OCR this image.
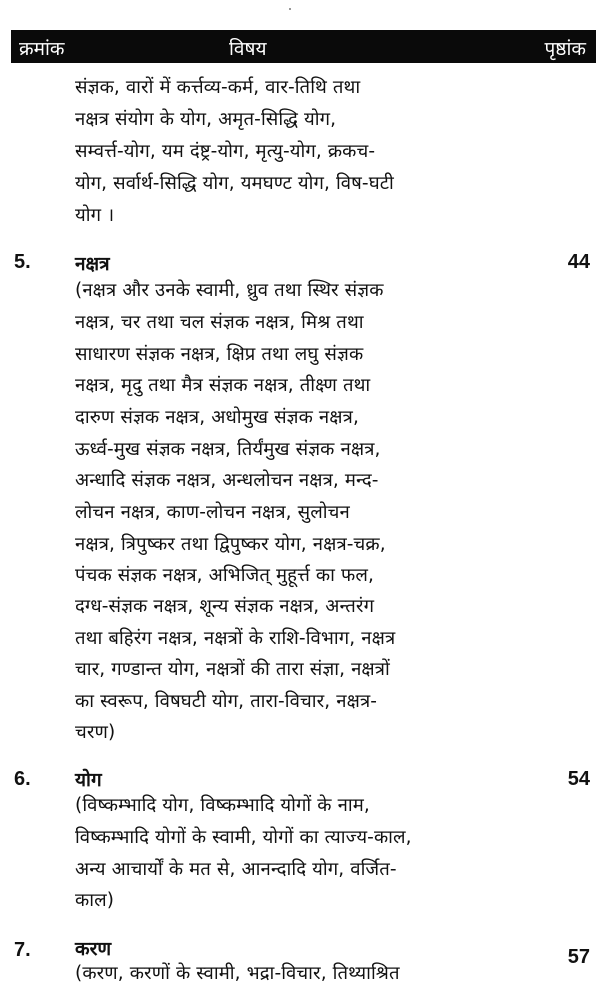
क्रमांक	विषय	पृष्ठांक
संज्ञक, वारों में कर्त्तव्य-कर्म, वार-तिथि तथा
नक्षत्र संयोग के योग, अमृत-सिद्धि योग,
सम्वर्त्त-योग, यम दंष्ट्र-योग, मृत्यु-योग, क्रकच-
योग, सर्वार्थ-सिद्धि योग, यमघण्ट योग, विष-घटी
योग ।
5. नक्षत्र	44
(नक्षत्र और उनके स्वामी, ध्रुव तथा स्थिर संज्ञक
नक्षत्र, चर तथा चल संज्ञक नक्षत्र, मिश्र तथा
साधारण संज्ञक नक्षत्र, क्षिप्र तथा लघु संज्ञक
नक्षत्र, मृदु तथा मैत्र संज्ञक नक्षत्र, तीक्ष्ण तथा
दारुण संज्ञक नक्षत्र, अधोमुख संज्ञक नक्षत्र,
ऊर्ध्व-मुख संज्ञक नक्षत्र, तिर्यंमुख संज्ञक नक्षत्र,
अन्धादि संज्ञक नक्षत्र, अन्धलोचन नक्षत्र, मन्द-
लोचन नक्षत्र, काण-लोचन नक्षत्र, सुलोचन
नक्षत्र, त्रिपुष्कर तथा द्विपुष्कर योग, नक्षत्र-चक्र,
पंचक संज्ञक नक्षत्र, अभिजित् मुहूर्त्त का फल,
दग्ध-संज्ञक नक्षत्र, शून्य संज्ञक नक्षत्र, अन्तरंग
तथा बहिरंग नक्षत्र, नक्षत्रों के राशि-विभाग, नक्षत्र
चार, गण्डान्त योग, नक्षत्रों की तारा संज्ञा, नक्षत्रों
का स्वरूप, विषघटी योग, तारा-विचार, नक्षत्र-
चरण)
6. योग	54
(विष्कम्भादि योग, विष्कम्भादि योगों के नाम,
विष्कम्भादि योगों के स्वामी, योगों का त्याज्य-काल,
अन्य आचार्यों के मत से, आनन्दादि योग, वर्जित-
काल)
7. करण	57
(करण, करणों के स्वामी, भद्रा-विचार, तिथ्याश्रित
